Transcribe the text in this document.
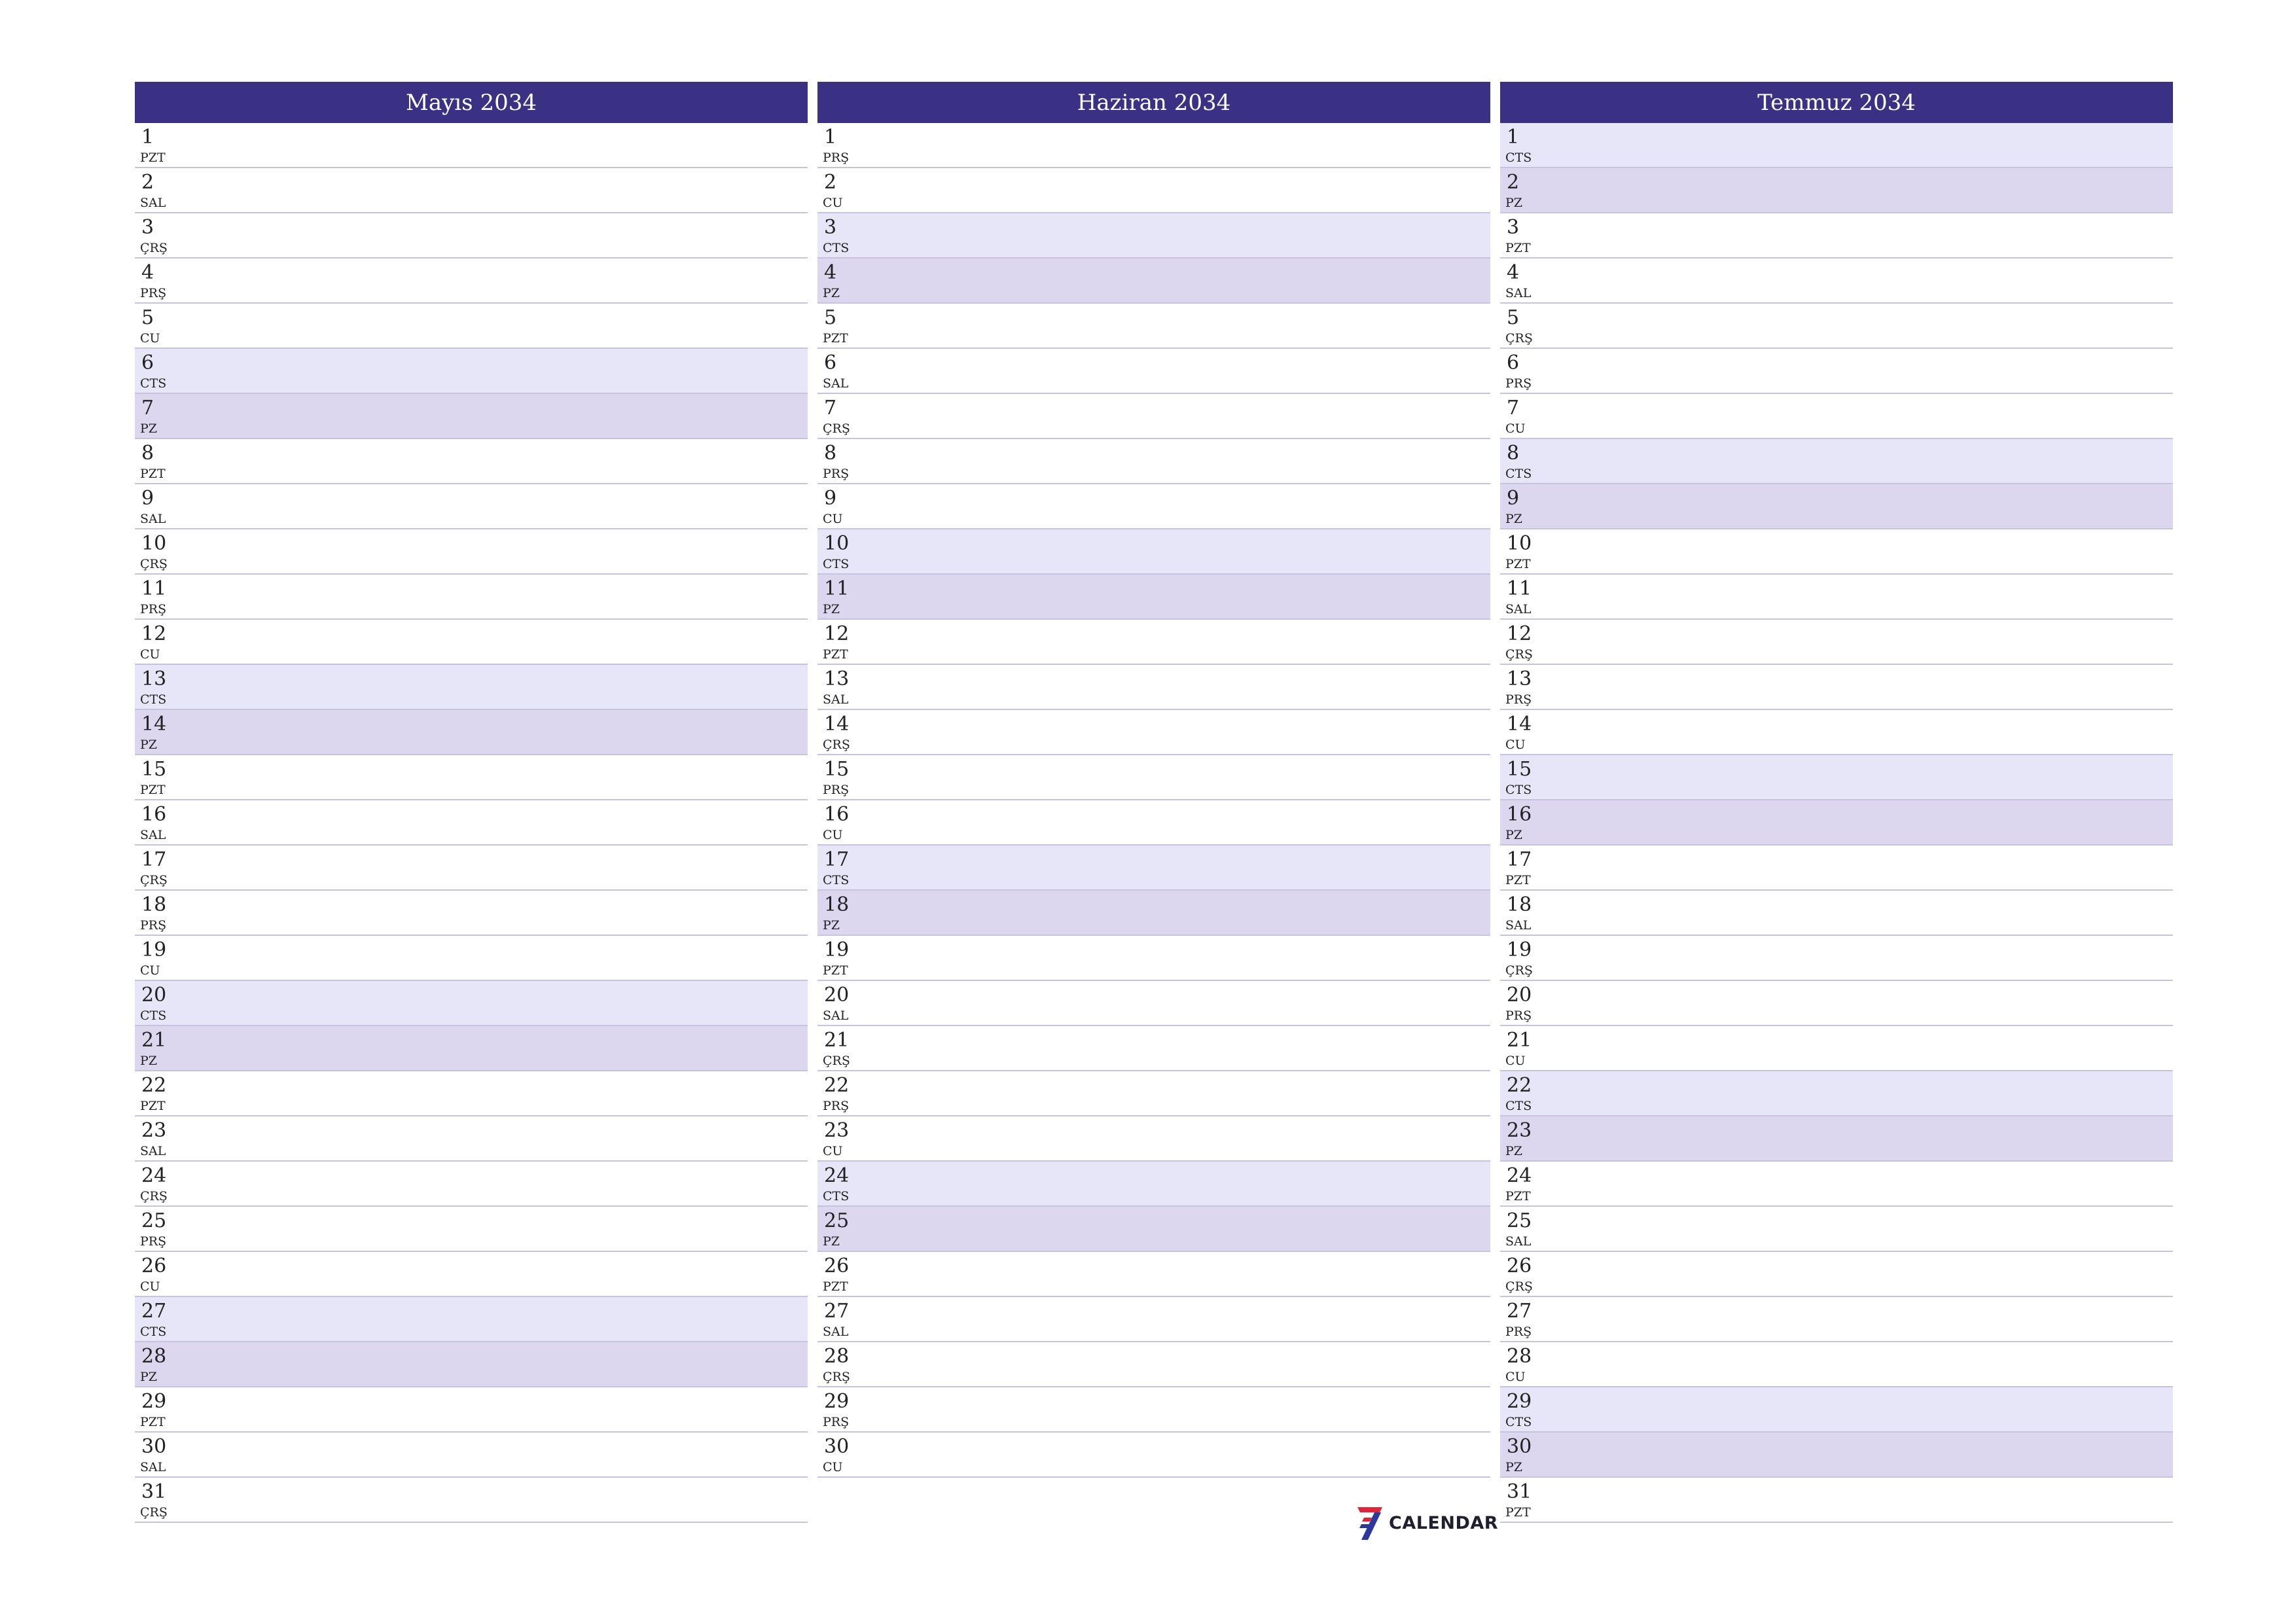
Mayıs 2034
1
PZT
2
SAL
3
ÇRŞ
4
PRŞ
5
CU
6
CTS
7
PZ
8
PZT
9
SAL
10
ÇRŞ
11
PRŞ
12
CU
13
CTS
14
PZ
15
PZT
16
SAL
17
ÇRŞ
18
PRŞ
19
CU
20
CTS
21
PZ
22
PZT
23
SAL
24
ÇRŞ
25
PRŞ
26
CU
27
CTS
28
PZ
29
PZT
30
SAL
31
ÇRŞ
Haziran 2034
1
PRŞ
2
CU
3
CTS
4
PZ
5
PZT
6
SAL
7
ÇRŞ
8
PRŞ
9
CU
10
CTS
11
PZ
12
PZT
13
SAL
14
ÇRŞ
15
PRŞ
16
CU
17
CTS
18
PZ
19
PZT
20
SAL
21
ÇRŞ
22
PRŞ
23
CU
24
CTS
25
PZ
26
PZT
27
SAL
28
ÇRŞ
29
PRŞ
30
CU
Temmuz 2034
1
CTS
2
PZ
3
PZT
4
SAL
5
ÇRŞ
6
PRŞ
7
CU
8
CTS
9
PZ
10
PZT
11
SAL
12
ÇRŞ
13
PRŞ
14
CU
15
CTS
16
PZ
17
PZT
18
SAL
19
ÇRŞ
20
PRŞ
21
CU
22
CTS
23
PZ
24
PZT
25
SAL
26
ÇRŞ
27
PRŞ
28
CU
29
CTS
30
PZ
31
PZT
CALENDAR
